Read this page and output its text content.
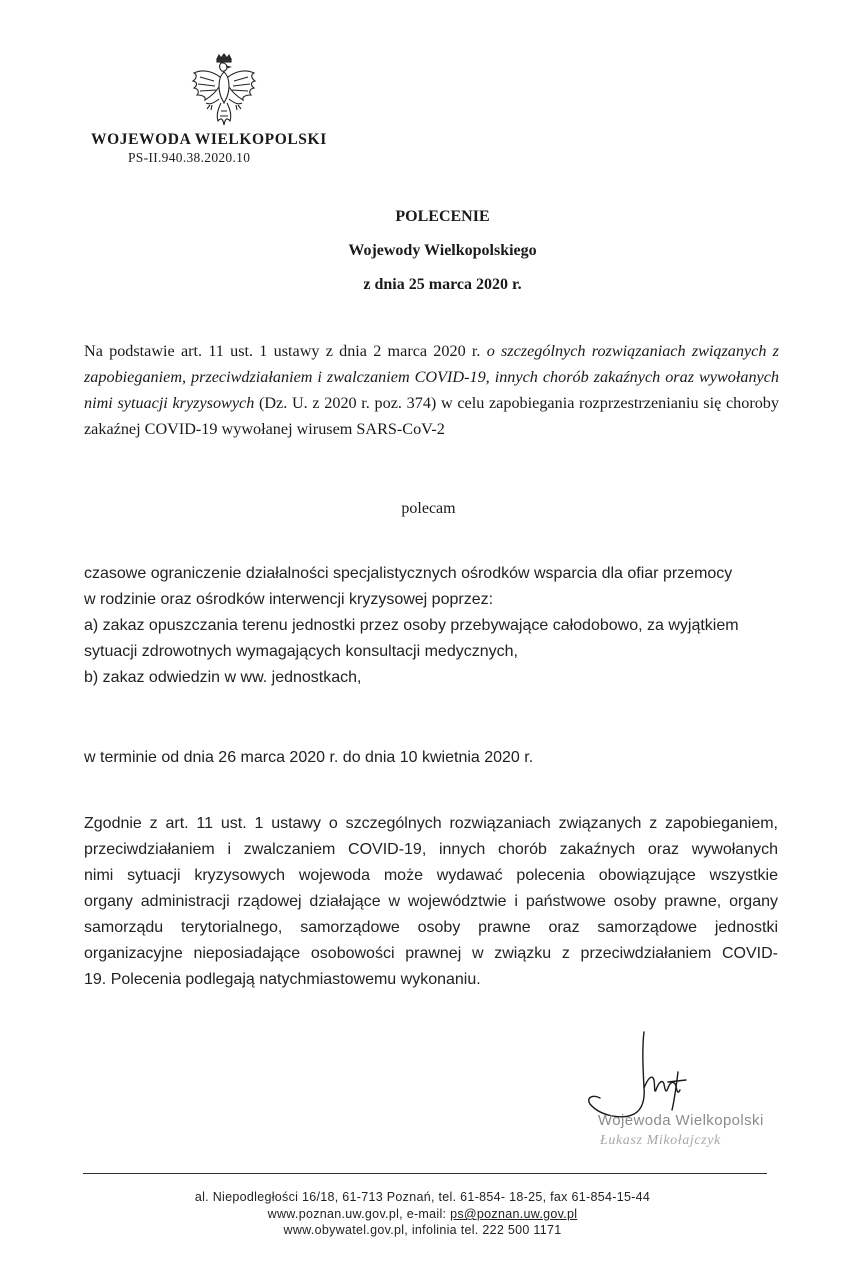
WOJEWODA WIELKOPOLSKI
PS-II.940.38.2020.10
POLECENIE
Wojewody Wielkopolskiego
z dnia 25 marca 2020 r.
Na podstawie art. 11 ust. 1 ustawy z dnia 2 marca 2020 r. o szczególnych rozwiązaniach związanych z zapobieganiem, przeciwdziałaniem i zwalczaniem COVID-19, innych chorób zakaźnych oraz wywołanych nimi sytuacji kryzysowych (Dz. U. z 2020 r. poz. 374) w celu zapobiegania rozprzestrzenianiu się choroby zakaźnej COVID-19 wywołanej wirusem SARS-CoV-2
polecam
czasowe ograniczenie działalności specjalistycznych ośrodków wsparcia dla ofiar przemocy
w rodzinie oraz ośrodków interwencji kryzysowej poprzez:
a) zakaz opuszczania terenu jednostki przez osoby przebywające całodobowo, za wyjątkiem
sytuacji zdrowotnych wymagających konsultacji medycznych,
b) zakaz odwiedzin w ww. jednostkach,
w terminie od dnia 26 marca 2020 r. do dnia 10 kwietnia 2020 r.
Zgodnie z art. 11 ust. 1 ustawy o szczególnych rozwiązaniach związanych z zapobieganiem,
przeciwdziałaniem i zwalczaniem COVID-19, innych chorób zakaźnych oraz wywołanych
nimi sytuacji kryzysowych wojewoda może wydawać polecenia obowiązujące wszystkie
organy administracji rządowej działające w województwie i państwowe osoby prawne, organy
samorządu terytorialnego, samorządowe osoby prawne oraz samorządowe jednostki
organizacyjne nieposiadające osobowości prawnej w związku z przeciwdziałaniem COVID-
19. Polecenia podlegają natychmiastowemu wykonaniu.
Wojewoda Wielkopolski
Łukasz Mikołajczyk
al. Niepodległości 16/18, 61-713 Poznań, tel. 61-854- 18-25, fax 61-854-15-44
www.poznan.uw.gov.pl, e-mail: ps@poznan.uw.gov.pl
www.obywatel.gov.pl, infolinia tel. 222 500 1171
